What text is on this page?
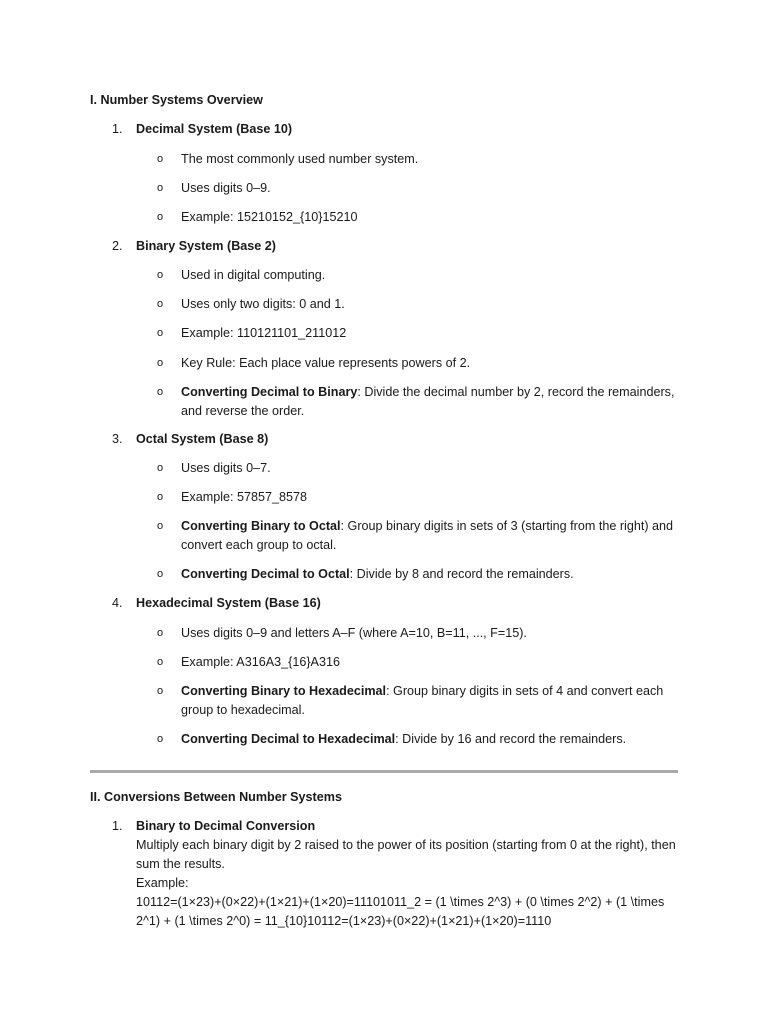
I. Number Systems Overview
1.	Decimal System (Base 10)
o	The most commonly used number system.
o	Uses digits 0–9.
o	Example: 15210152_{10}15210
2.	Binary System (Base 2)
o	Used in digital computing.
o	Uses only two digits: 0 and 1.
o	Example: 110121101_211012
o	Key Rule: Each place value represents powers of 2.
o	Converting Decimal to Binary: Divide the decimal number by 2, record the remainders, and reverse the order.
3.	Octal System (Base 8)
o	Uses digits 0–7.
o	Example: 57857_8578
o	Converting Binary to Octal: Group binary digits in sets of 3 (starting from the right) and convert each group to octal.
o	Converting Decimal to Octal: Divide by 8 and record the remainders.
4.	Hexadecimal System (Base 16)
o	Uses digits 0–9 and letters A–F (where A=10, B=11, ..., F=15).
o	Example: A316A3_{16}A316
o	Converting Binary to Hexadecimal: Group binary digits in sets of 4 and convert each group to hexadecimal.
o	Converting Decimal to Hexadecimal: Divide by 16 and record the remainders.
II. Conversions Between Number Systems
1.	Binary to Decimal Conversion
Multiply each binary digit by 2 raised to the power of its position (starting from 0 at the right), then sum the results.
Example:
10112=(1×23)+(0×22)+(1×21)+(1×20)=11101011_2 = (1 \times 2^3) + (0 \times 2^2) + (1 \times 2^1) + (1 \times 2^0) = 11_{10}10112=(1×23)+(0×22)+(1×21)+(1×20)=1110
